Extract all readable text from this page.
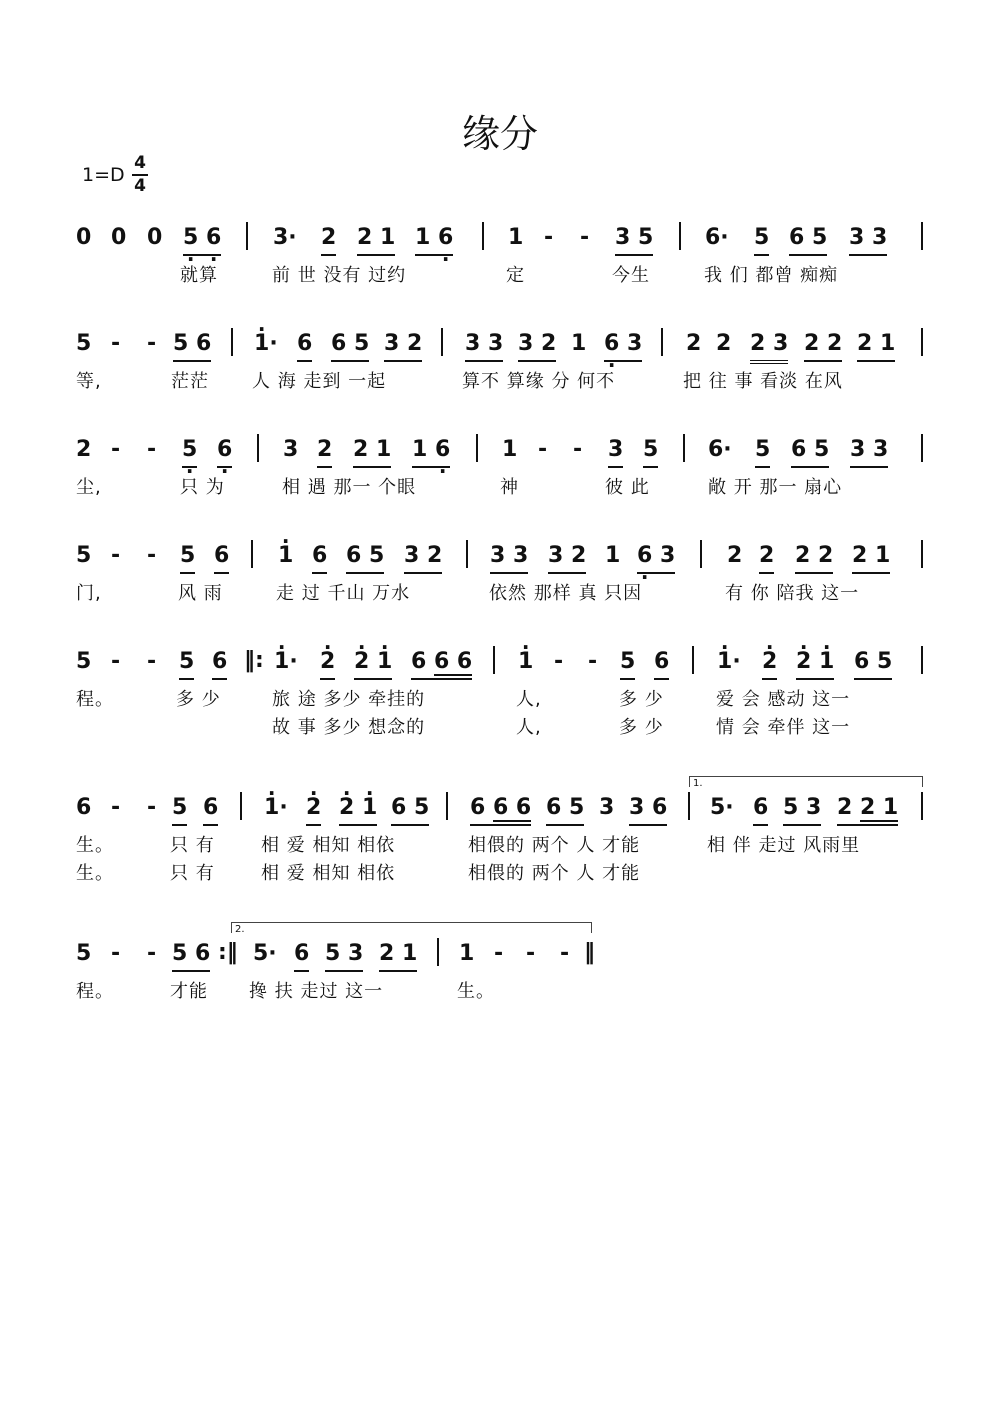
缘分
1=D
4
4
0 0 0 5 · 6 · 3· 2 2 1 1 6 · 1 - - 3 5 6· 5 6 5 3 3
就算	前 世 没有 过约	定	今生	我 们 都曾 痴痴
5 - - 5 6 · 1· 6 6 5 3 2 3 3 3 2 1 6 · 3 2 2 2 3 2 2 2 1
等,	茫茫 人 海 走到 一起	算不 算缘 分 何不	把 往 事 看淡 在风
2 - - 5 · 6 · 3 2 2 1 1 6 · 1 - - 3 5 6· 5 6 5 3 3
尘,	只 为	相 遇 那一 个眼	神	彼 此	敞 开 那一 扇心
5 - - 5 6 · 1 6 6 5 3 2 3 3 3 2 1 6 · 3 2 2 2 2 2 1
门,	风 雨	走 过 千山 万水	依然 那样 真 只因	有 你 陪我 这一
5 - - 5 6 ‖: · 1· · 2 · 2 · 1 6 6 6 · 1 - - 5 6 · 1· · 2 · 2 · 1 6 5
程。	多 少	旅 途 多少 牵挂的	人,	多 少	爱 会 感动 这一
故 事 多少 想念的	人,	多 少	情 会 牵伴 这一
1.
6 - - 5 6 · 1· · 2 · 2 · 1 6 5 6 6 6 6 5 3 3 6 5· 6 5 3 2 2 1
生。	只 有	相 爱 相知 相依	相偎的 两个 人 才能	相 伴 走过 风雨里
生。	只 有	相 爱 相知 相依	相偎的 两个 人 才能
2.
5 - - 5 6 :‖ 5· 6 5 3 2 1 1 - - - ‖
程。	才能 搀 扶 走过 这一	生。
